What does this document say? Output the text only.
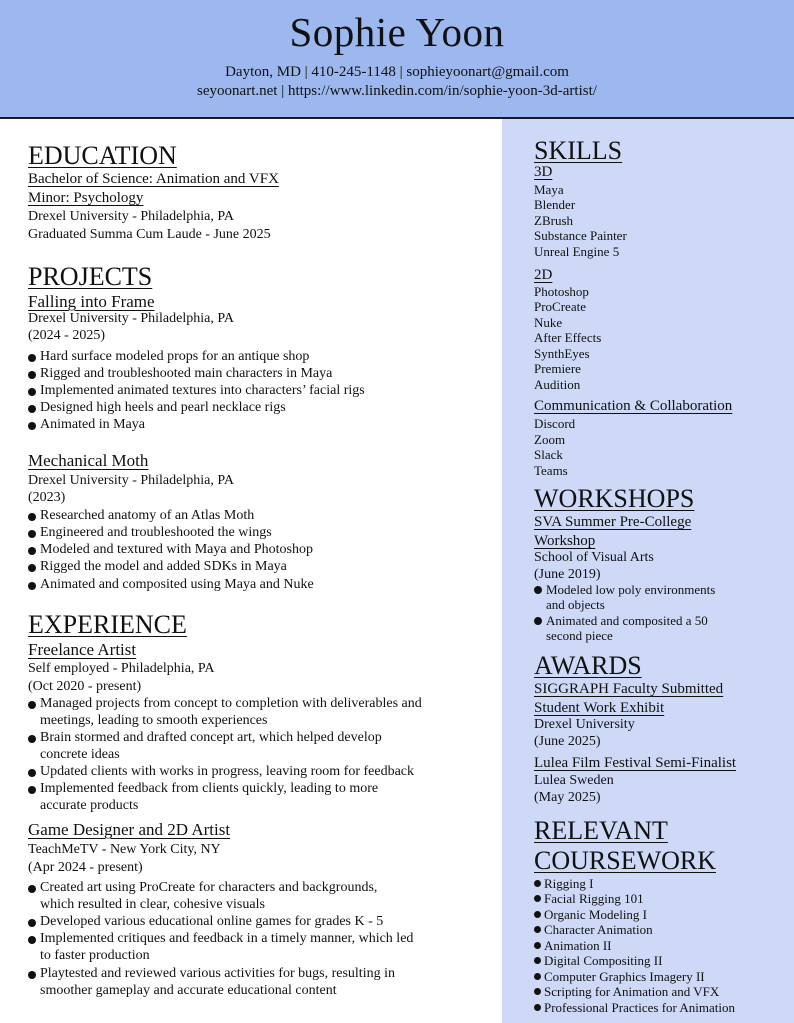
Sophie Yoon
Dayton, MD | 410-245-1148 | sophieyoonart@gmail.com
seyoonart.net | https://www.linkedin.com/in/sophie-yoon-3d-artist/
EDUCATION
Bachelor of Science: Animation and VFX
Minor: Psychology
Drexel University - Philadelphia, PA
Graduated Summa Cum Laude - June 2025
PROJECTS
Falling into Frame
Drexel University - Philadelphia, PA
(2024 - 2025)
Hard surface modeled props for an antique shop
Rigged and troubleshooted main characters in Maya
Implemented animated textures into characters’ facial rigs
Designed high heels and pearl necklace rigs
Animated in Maya
Mechanical Moth
Drexel University - Philadelphia, PA
(2023)
Researched anatomy of an Atlas Moth
Engineered and troubleshooted the wings
Modeled and textured with Maya and Photoshop
Rigged the model and added SDKs in Maya
Animated and composited using Maya and Nuke
EXPERIENCE
Freelance Artist
Self employed - Philadelphia, PA
(Oct 2020 - present)
Managed projects from concept to completion with deliverables and
meetings, leading to smooth experiences
Brain stormed and drafted concept art, which helped develop
concrete ideas
Updated clients with works in progress, leaving room for feedback
Implemented feedback from clients quickly, leading to more
accurate products
Game Designer and 2D Artist
TeachMeTV - New York City, NY
(Apr 2024 - present)
Created art using ProCreate for characters and backgrounds,
which resulted in clear, cohesive visuals
Developed various educational online games for grades K - 5
Implemented critiques and feedback in a timely manner, which led
to faster production
Playtested and reviewed various activities for bugs, resulting in
smoother gameplay and accurate educational content
SKILLS
3D
Maya
Blender
ZBrush
Substance Painter
Unreal Engine 5
2D
Photoshop
ProCreate
Nuke
After Effects
SynthEyes
Premiere
Audition
Communication & Collaboration
Discord
Zoom
Slack
Teams
WORKSHOPS
SVA Summer Pre-College
Workshop
School of Visual Arts
(June 2019)
Modeled low poly environments
and objects
Animated and composited a 50
second piece
AWARDS
SIGGRAPH Faculty Submitted
Student Work Exhibit
Drexel University
(June 2025)
Lulea Film Festival Semi-Finalist
Lulea Sweden
(May 2025)
RELEVANT
COURSEWORK
Rigging I
Facial Rigging 101
Organic Modeling I
Character Animation
Animation II
Digital Compositing II
Computer Graphics Imagery II
Scripting for Animation and VFX
Professional Practices for Animation
